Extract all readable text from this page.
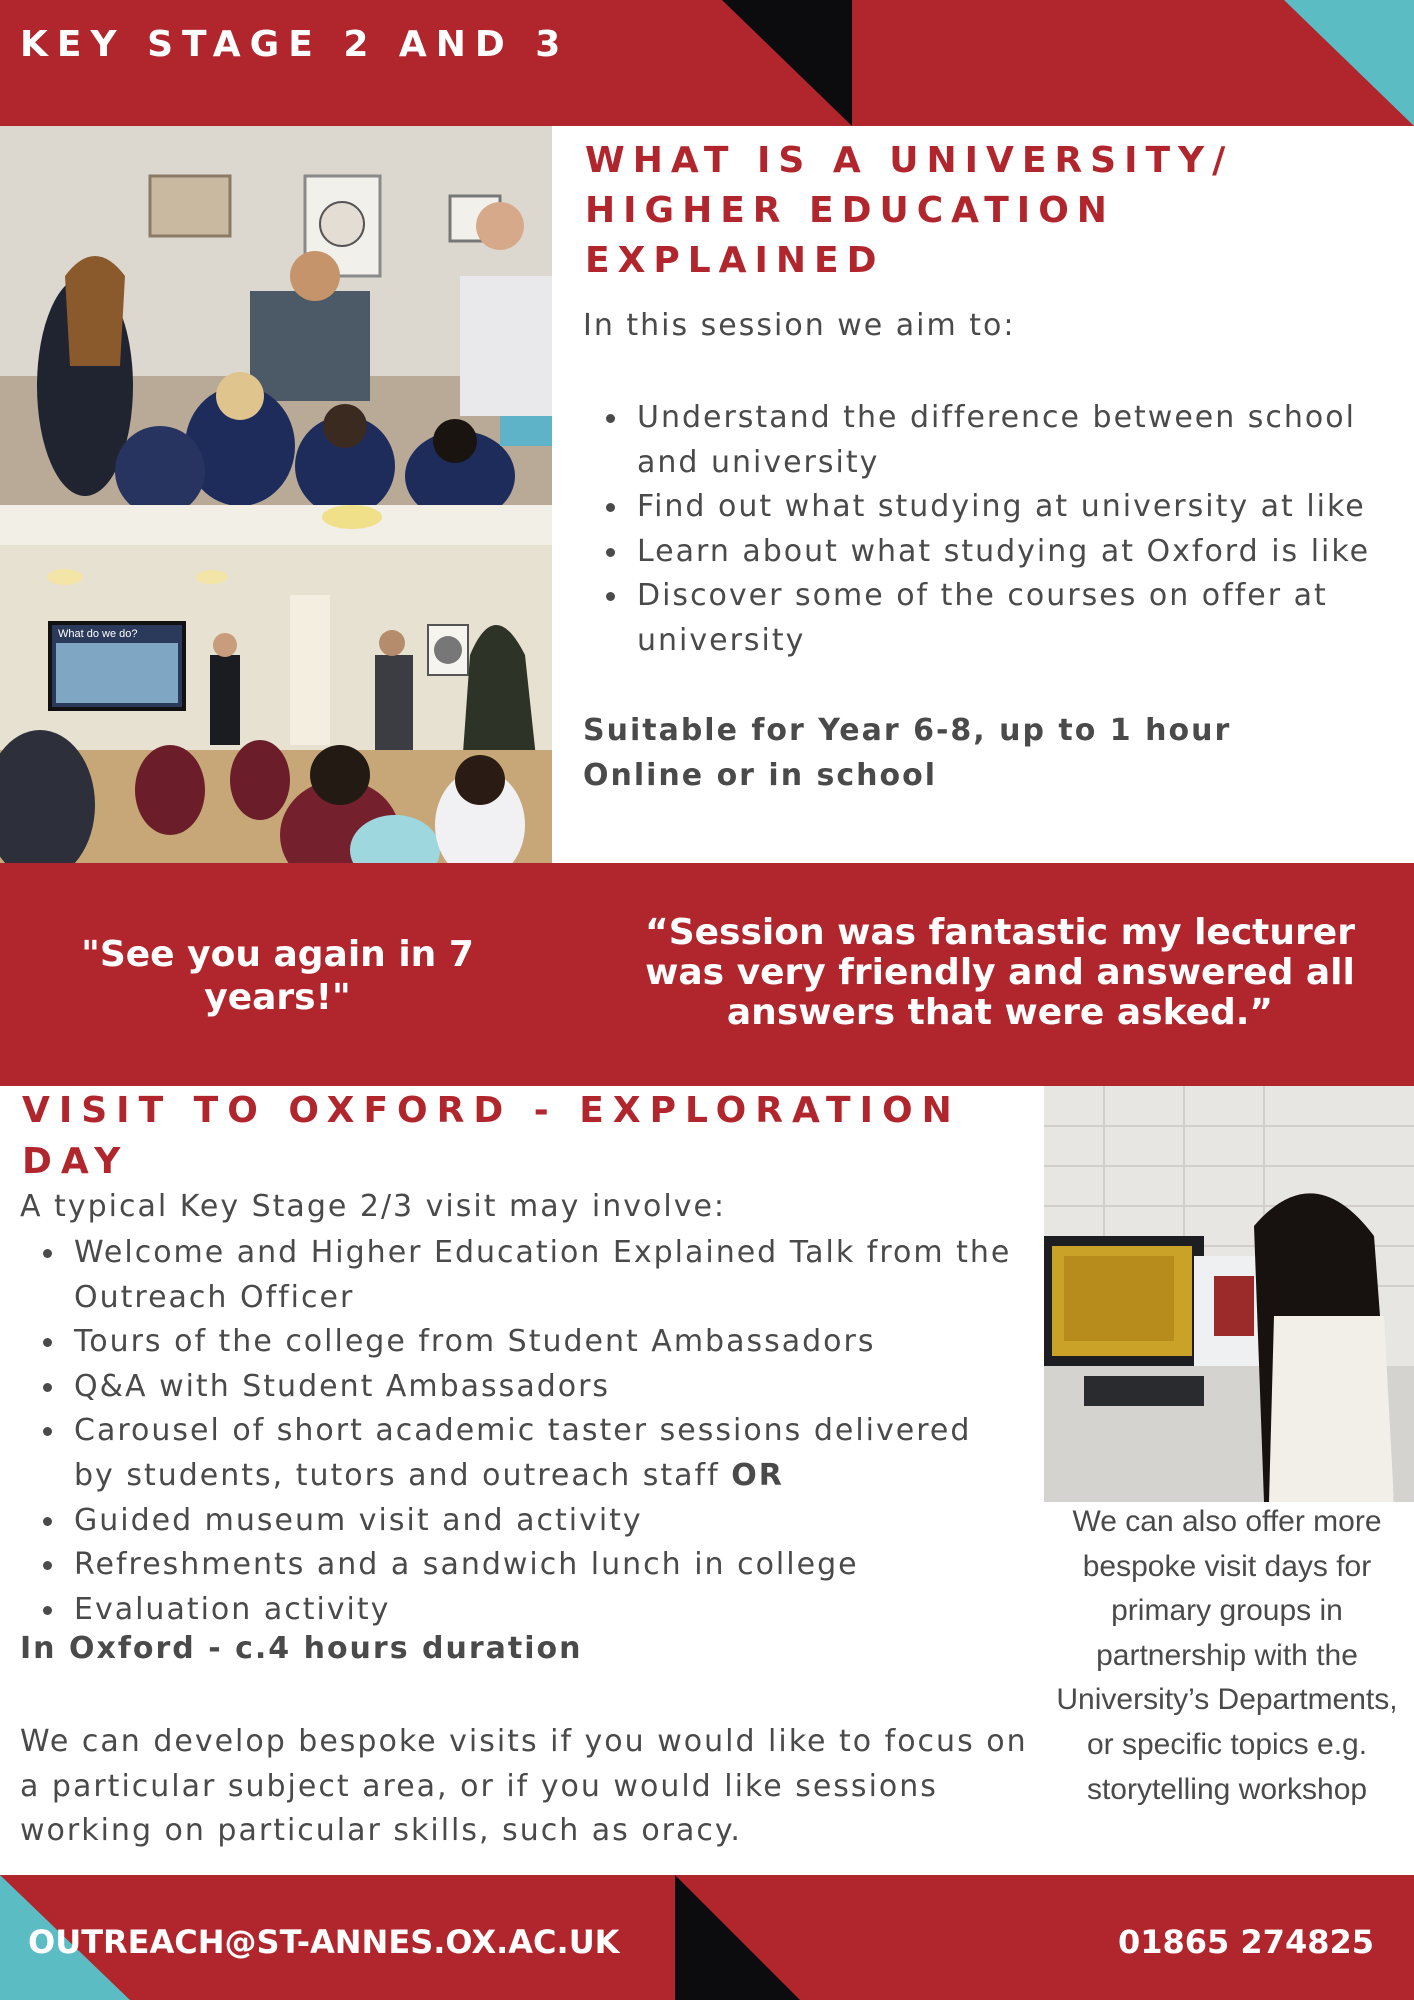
KEY STAGE 2 AND 3
What do we do?
WHAT IS A UNIVERSITY/ HIGHER EDUCATION EXPLAINED
In this session we aim to:
Understand the difference between school and university
Find out what studying at university at like
Learn about what studying at Oxford is like
Discover some of the courses on offer at university
Suitable for Year 6-8, up to 1 hour
Online or in school
"See you again in 7 years!"
“Session was fantastic my lecturer was very friendly and answered all answers that were asked.”
VISIT TO OXFORD - EXPLORATION DAY
A typical Key Stage 2/3 visit may involve:
Welcome and Higher Education Explained Talk from the Outreach Officer
Tours of the college from Student Ambassadors
Q&A with Student Ambassadors
Carousel of short academic taster sessions delivered by students, tutors and outreach staff OR
Guided museum visit and activity
Refreshments and a sandwich lunch in college
Evaluation activity
In Oxford - c.4 hours duration
We can develop bespoke visits if you would like to focus on a particular subject area, or if you would like sessions working on particular skills, such as oracy.
We can also offer more bespoke visit days for primary groups in partnership with the University’s Departments, or specific topics e.g. storytelling workshop
OUTREACH@ST-ANNES.OX.AC.UK	01865 274825
